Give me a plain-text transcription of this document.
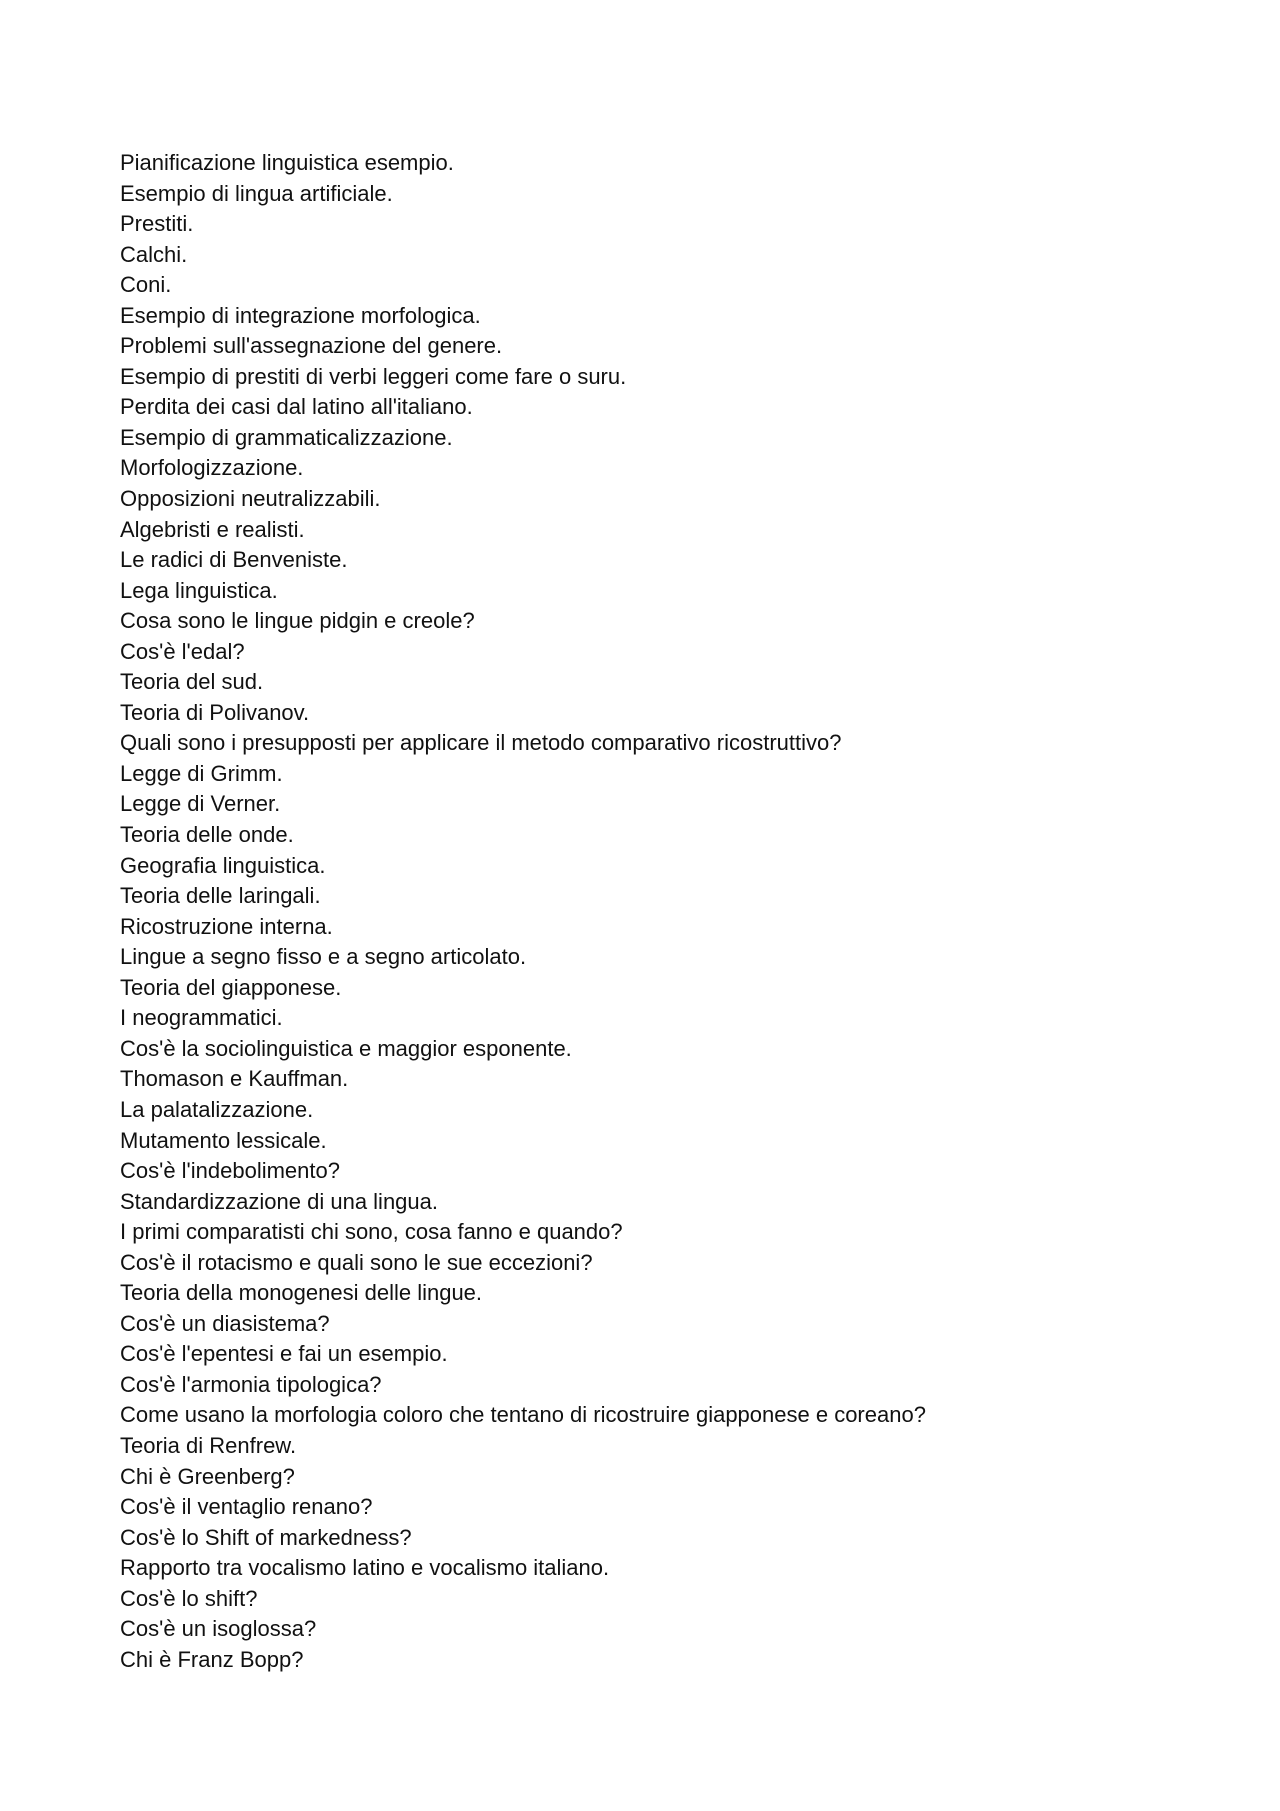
Pianificazione linguistica esempio.
Esempio di lingua artificiale.
Prestiti.
Calchi.
Coni.
Esempio di integrazione morfologica.
Problemi sull'assegnazione del genere.
Esempio di prestiti di verbi leggeri come fare o suru.
Perdita dei casi dal latino all'italiano.
Esempio di grammaticalizzazione.
Morfologizzazione.
Opposizioni neutralizzabili.
Algebristi e realisti.
Le radici di Benveniste.
Lega linguistica.
Cosa sono le lingue pidgin e creole?
Cos'è l'edal?
Teoria del sud.
Teoria di Polivanov.
Quali sono i presupposti per applicare il metodo comparativo ricostruttivo?
Legge di Grimm.
Legge di Verner.
Teoria delle onde.
Geografia linguistica.
Teoria delle laringali.
Ricostruzione interna.
Lingue a segno fisso e a segno articolato.
Teoria del giapponese.
I neogrammatici.
Cos'è la sociolinguistica e maggior esponente.
Thomason e Kauffman.
La palatalizzazione.
Mutamento lessicale.
Cos'è l'indebolimento?
Standardizzazione di una lingua.
I primi comparatisti chi sono, cosa fanno e quando?
Cos'è il rotacismo e quali sono le sue eccezioni?
Teoria della monogenesi delle lingue.
Cos'è un diasistema?
Cos'è l'epentesi e fai un esempio.
Cos'è l'armonia tipologica?
Come usano la morfologia coloro che tentano di ricostruire giapponese e coreano?
Teoria di Renfrew.
Chi è Greenberg?
Cos'è il ventaglio renano?
Cos'è lo Shift of markedness?
Rapporto tra vocalismo latino e vocalismo italiano.
Cos'è lo shift?
Cos'è un isoglossa?
Chi è Franz Bopp?
